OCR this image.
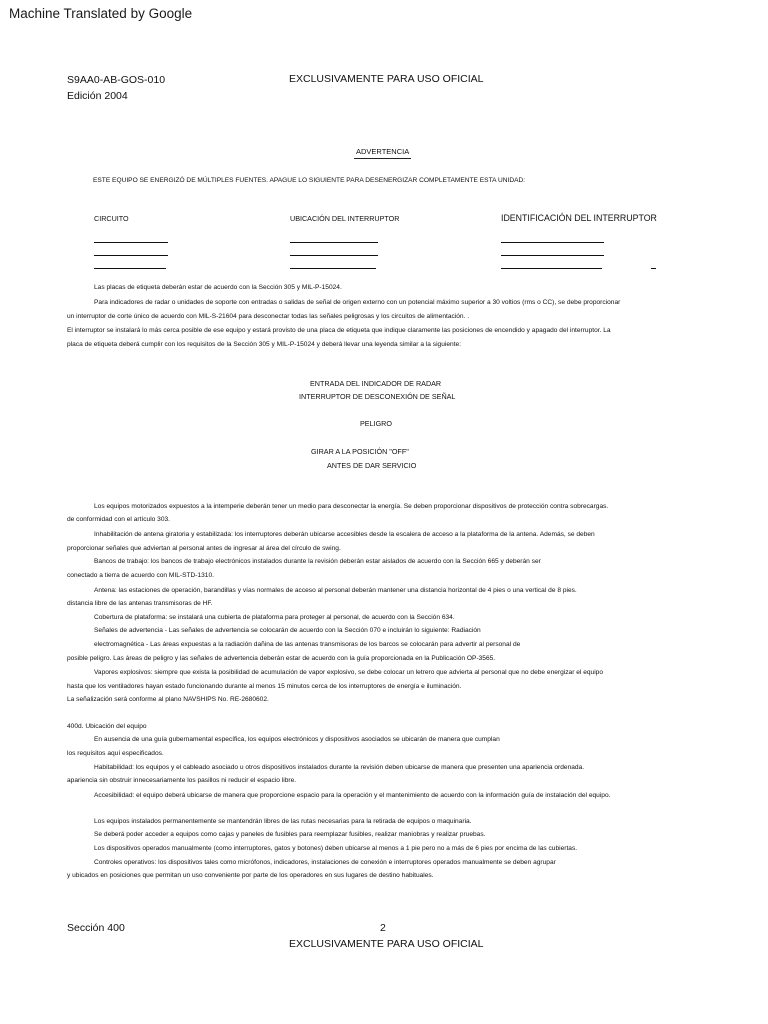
Machine Translated by Google
S9AA0-AB-GOS-010
Edición 2004
EXCLUSIVAMENTE PARA USO OFICIAL
ADVERTENCIA
ESTE EQUIPO SE ENERGIZÓ DE MÚLTIPLES FUENTES. APAGUE LO SIGUIENTE PARA DESENERGIZAR COMPLETAMENTE ESTA UNIDAD:
CIRCUITO	UBICACIÓN DEL INTERRUPTOR	IDENTIFICACIÓN DEL INTERRUPTOR
Las placas de etiqueta deberán estar de acuerdo con la Sección 305 y MIL-P-15024.
Para indicadores de radar o unidades de soporte con entradas o salidas de señal de origen externo con un potencial máximo superior a 30 voltios (rms o CC), se debe proporcionar
un interruptor de corte único de acuerdo con MIL-S-21604 para desconectar todas las señales peligrosas y los circuitos de alimentación. .
El interruptor se instalará lo más cerca posible de ese equipo y estará provisto de una placa de etiqueta que indique claramente las posiciones de encendido y apagado del interruptor. La
placa de etiqueta deberá cumplir con los requisitos de la Sección 305 y MIL-P-15024 y deberá llevar una leyenda similar a la siguiente:
ENTRADA DEL INDICADOR DE RADAR
INTERRUPTOR DE DESCONEXIÓN DE SEÑAL
PELIGRO
GIRAR A LA POSICIÓN "OFF"
ANTES DE DAR SERVICIO
Los equipos motorizados expuestos a la intemperie deberán tener un medio para desconectar la energía. Se deben proporcionar dispositivos de protección contra sobrecargas.
de conformidad con el artículo 303.
Inhabilitación de antena giratoria y estabilizada: los interruptores deberán ubicarse accesibles desde la escalera de acceso a la plataforma de la antena. Además, se deben
proporcionar señales que adviertan al personal antes de ingresar al área del círculo de swing.
Bancos de trabajo: los bancos de trabajo electrónicos instalados durante la revisión deberán estar aislados de acuerdo con la Sección 665 y deberán ser
conectado a tierra de acuerdo con MIL-STD-1310.
Antena: las estaciones de operación, barandillas y vías normales de acceso al personal deberán mantener una distancia horizontal de 4 pies o una vertical de 8 pies.
distancia libre de las antenas transmisoras de HF.
Cobertura de plataforma: se instalará una cubierta de plataforma para proteger al personal, de acuerdo con la Sección 634.
Señales de advertencia - Las señales de advertencia se colocarán de acuerdo con la Sección 070 e incluirán lo siguiente: Radiación
electromagnética - Las áreas expuestas a la radiación dañina de las antenas transmisoras de los barcos se colocarán para advertir al personal de
posible peligro. Las áreas de peligro y las señales de advertencia deberán estar de acuerdo con la guía proporcionada en la Publicación OP-3565.
Vapores explosivos: siempre que exista la posibilidad de acumulación de vapor explosivo, se debe colocar un letrero que advierta al personal que no debe energizar el equipo
hasta que los ventiladores hayan estado funcionando durante al menos 15 minutos cerca de los interruptores de energía e iluminación.
La señalización será conforme al plano NAVSHIPS No. RE-2680602.
400d. Ubicación del equipo
En ausencia de una guía gubernamental específica, los equipos electrónicos y dispositivos asociados se ubicarán de manera que cumplan
los requisitos aquí especificados.
Habitabilidad: los equipos y el cableado asociado u otros dispositivos instalados durante la revisión deben ubicarse de manera que presenten una apariencia ordenada.
apariencia sin obstruir innecesariamente los pasillos ni reducir el espacio libre.
Accesibilidad: el equipo deberá ubicarse de manera que proporcione espacio para la operación y el mantenimiento de acuerdo con la información guía de instalación del equipo.
Los equipos instalados permanentemente se mantendrán libres de las rutas necesarias para la retirada de equipos o maquinaria.
Se deberá poder acceder a equipos como cajas y paneles de fusibles para reemplazar fusibles, realizar maniobras y realizar pruebas.
Los dispositivos operados manualmente (como interruptores, gatos y botones) deben ubicarse al menos a 1 pie pero no a más de 6 pies por encima de las cubiertas.
Controles operativos: los dispositivos tales como micrófonos, indicadores, instalaciones de conexión e interruptores operados manualmente se deben agrupar
y ubicados en posiciones que permitan un uso conveniente por parte de los operadores en sus lugares de destino habituales.
Sección 400	2
EXCLUSIVAMENTE PARA USO OFICIAL
